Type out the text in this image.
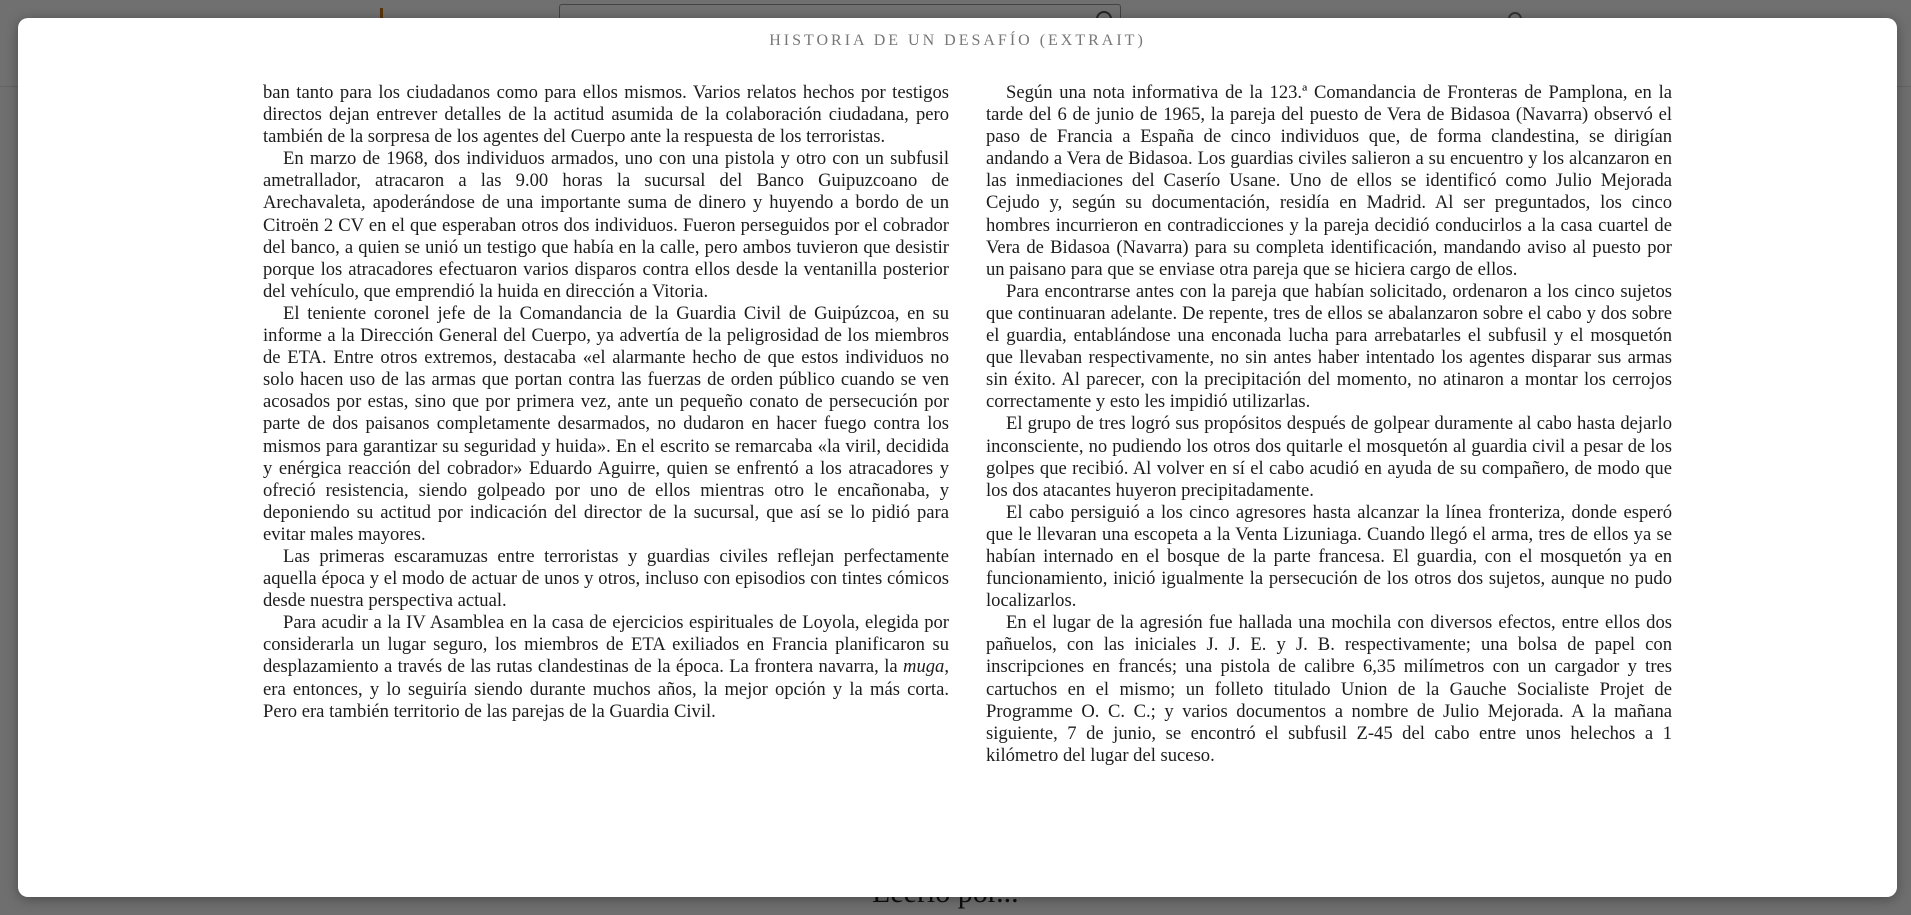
HISTORIA DE UN DESAFÍO (EXTRAIT)

ban tanto para los ciudadanos como para ellos mismos. Varios relatos hechos por testigos directos dejan entrever detalles de la actitud asumida de la colaboración ciudadana, pero también de la sorpresa de los agentes del Cuerpo ante la respuesta de los terroristas.

En marzo de 1968, dos individuos armados, uno con una pistola y otro con un subfusil ametrallador, atracaron a las 9.00 horas la sucursal del Banco Guipuzcoano de Arechavaleta, apoderándose de una importante suma de dinero y huyendo a bordo de un Citroën 2 CV en el que esperaban otros dos individuos. Fueron perseguidos por el cobrador del banco, a quien se unió un testigo que había en la calle, pero ambos tuvieron que desistir porque los atracadores efectuaron varios disparos contra ellos desde la ventanilla posterior del vehículo, que emprendió la huida en dirección a Vitoria.

El teniente coronel jefe de la Comandancia de la Guardia Civil de Guipúzcoa, en su informe a la Dirección General del Cuerpo, ya advertía de la peligrosidad de los miembros de ETA. Entre otros extremos, destacaba «el alarmante hecho de que estos individuos no solo hacen uso de las armas que portan contra las fuerzas de orden público cuando se ven acosados por estas, sino que por primera vez, ante un pequeño conato de persecución por parte de dos paisanos completamente desarmados, no dudaron en hacer fuego contra los mismos para garantizar su seguridad y huida». En el escrito se remarcaba «la viril, decidida y enérgica reacción del cobrador» Eduardo Aguirre, quien se enfrentó a los atracadores y ofreció resistencia, siendo golpeado por uno de ellos mientras otro le encañonaba, y deponiendo su actitud por indicación del director de la sucursal, que así se lo pidió para evitar males mayores.

Las primeras escaramuzas entre terroristas y guardias civiles reflejan perfectamente aquella época y el modo de actuar de unos y otros, incluso con episodios con tintes cómicos desde nuestra perspectiva actual.

Para acudir a la IV Asamblea en la casa de ejercicios espirituales de Loyola, elegida por considerarla un lugar seguro, los miembros de ETA exiliados en Francia planificaron su desplazamiento a través de las rutas clandestinas de la época. La frontera navarra, la muga, era entonces, y lo seguiría siendo durante muchos años, la mejor opción y la más corta. Pero era también territorio de las parejas de la Guardia Civil.

Según una nota informativa de la 123.ª Comandancia de Fronteras de Pamplona, en la tarde del 6 de junio de 1965, la pareja del puesto de Vera de Bidasoa (Navarra) observó el paso de Francia a España de cinco individuos que, de forma clandestina, se dirigían andando a Vera de Bidasoa. Los guardias civiles salieron a su encuentro y los alcanzaron en las inmediaciones del Caserío Usane. Uno de ellos se identificó como Julio Mejorada Cejudo y, según su documentación, residía en Madrid. Al ser preguntados, los cinco hombres incurrieron en contradicciones y la pareja decidió conducirlos a la casa cuartel de Vera de Bidasoa (Navarra) para su completa identificación, mandando aviso al puesto por un paisano para que se enviase otra pareja que se hiciera cargo de ellos.

Para encontrarse antes con la pareja que habían solicitado, ordenaron a los cinco sujetos que continuaran adelante. De repente, tres de ellos se abalanzaron sobre el cabo y dos sobre el guardia, entablándose una enconada lucha para arrebatarles el subfusil y el mosquetón que llevaban respectivamente, no sin antes haber intentado los agentes disparar sus armas sin éxito. Al parecer, con la precipitación del momento, no atinaron a montar los cerrojos correctamente y esto les impidió utilizarlas.

El grupo de tres logró sus propósitos después de golpear duramente al cabo hasta dejarlo inconsciente, no pudiendo los otros dos quitarle el mosquetón al guardia civil a pesar de los golpes que recibió. Al volver en sí el cabo acudió en ayuda de su compañero, de modo que los dos atacantes huyeron precipitadamente.

El cabo persiguió a los cinco agresores hasta alcanzar la línea fronteriza, donde esperó que le llevaran una escopeta a la Venta Lizuniaga. Cuando llegó el arma, tres de ellos ya se habían internado en el bosque de la parte francesa. El guardia, con el mosquetón ya en funcionamiento, inició igualmente la persecución de los otros dos sujetos, aunque no pudo localizarlos.

En el lugar de la agresión fue hallada una mochila con diversos efectos, entre ellos dos pañuelos, con las iniciales J. J. E. y J. B. respectivamente; una bolsa de papel con inscripciones en francés; una pistola de calibre 6,35 milímetros con un cargador y tres cartuchos en el mismo; un folleto titulado Union de la Gauche Socialiste Projet de Programme O. C. C.; y varios documentos a nombre de Julio Mejorada. A la mañana siguiente, 7 de junio, se encontró el subfusil Z-45 del cabo entre unos helechos a 1 kilómetro del lugar del suceso.
